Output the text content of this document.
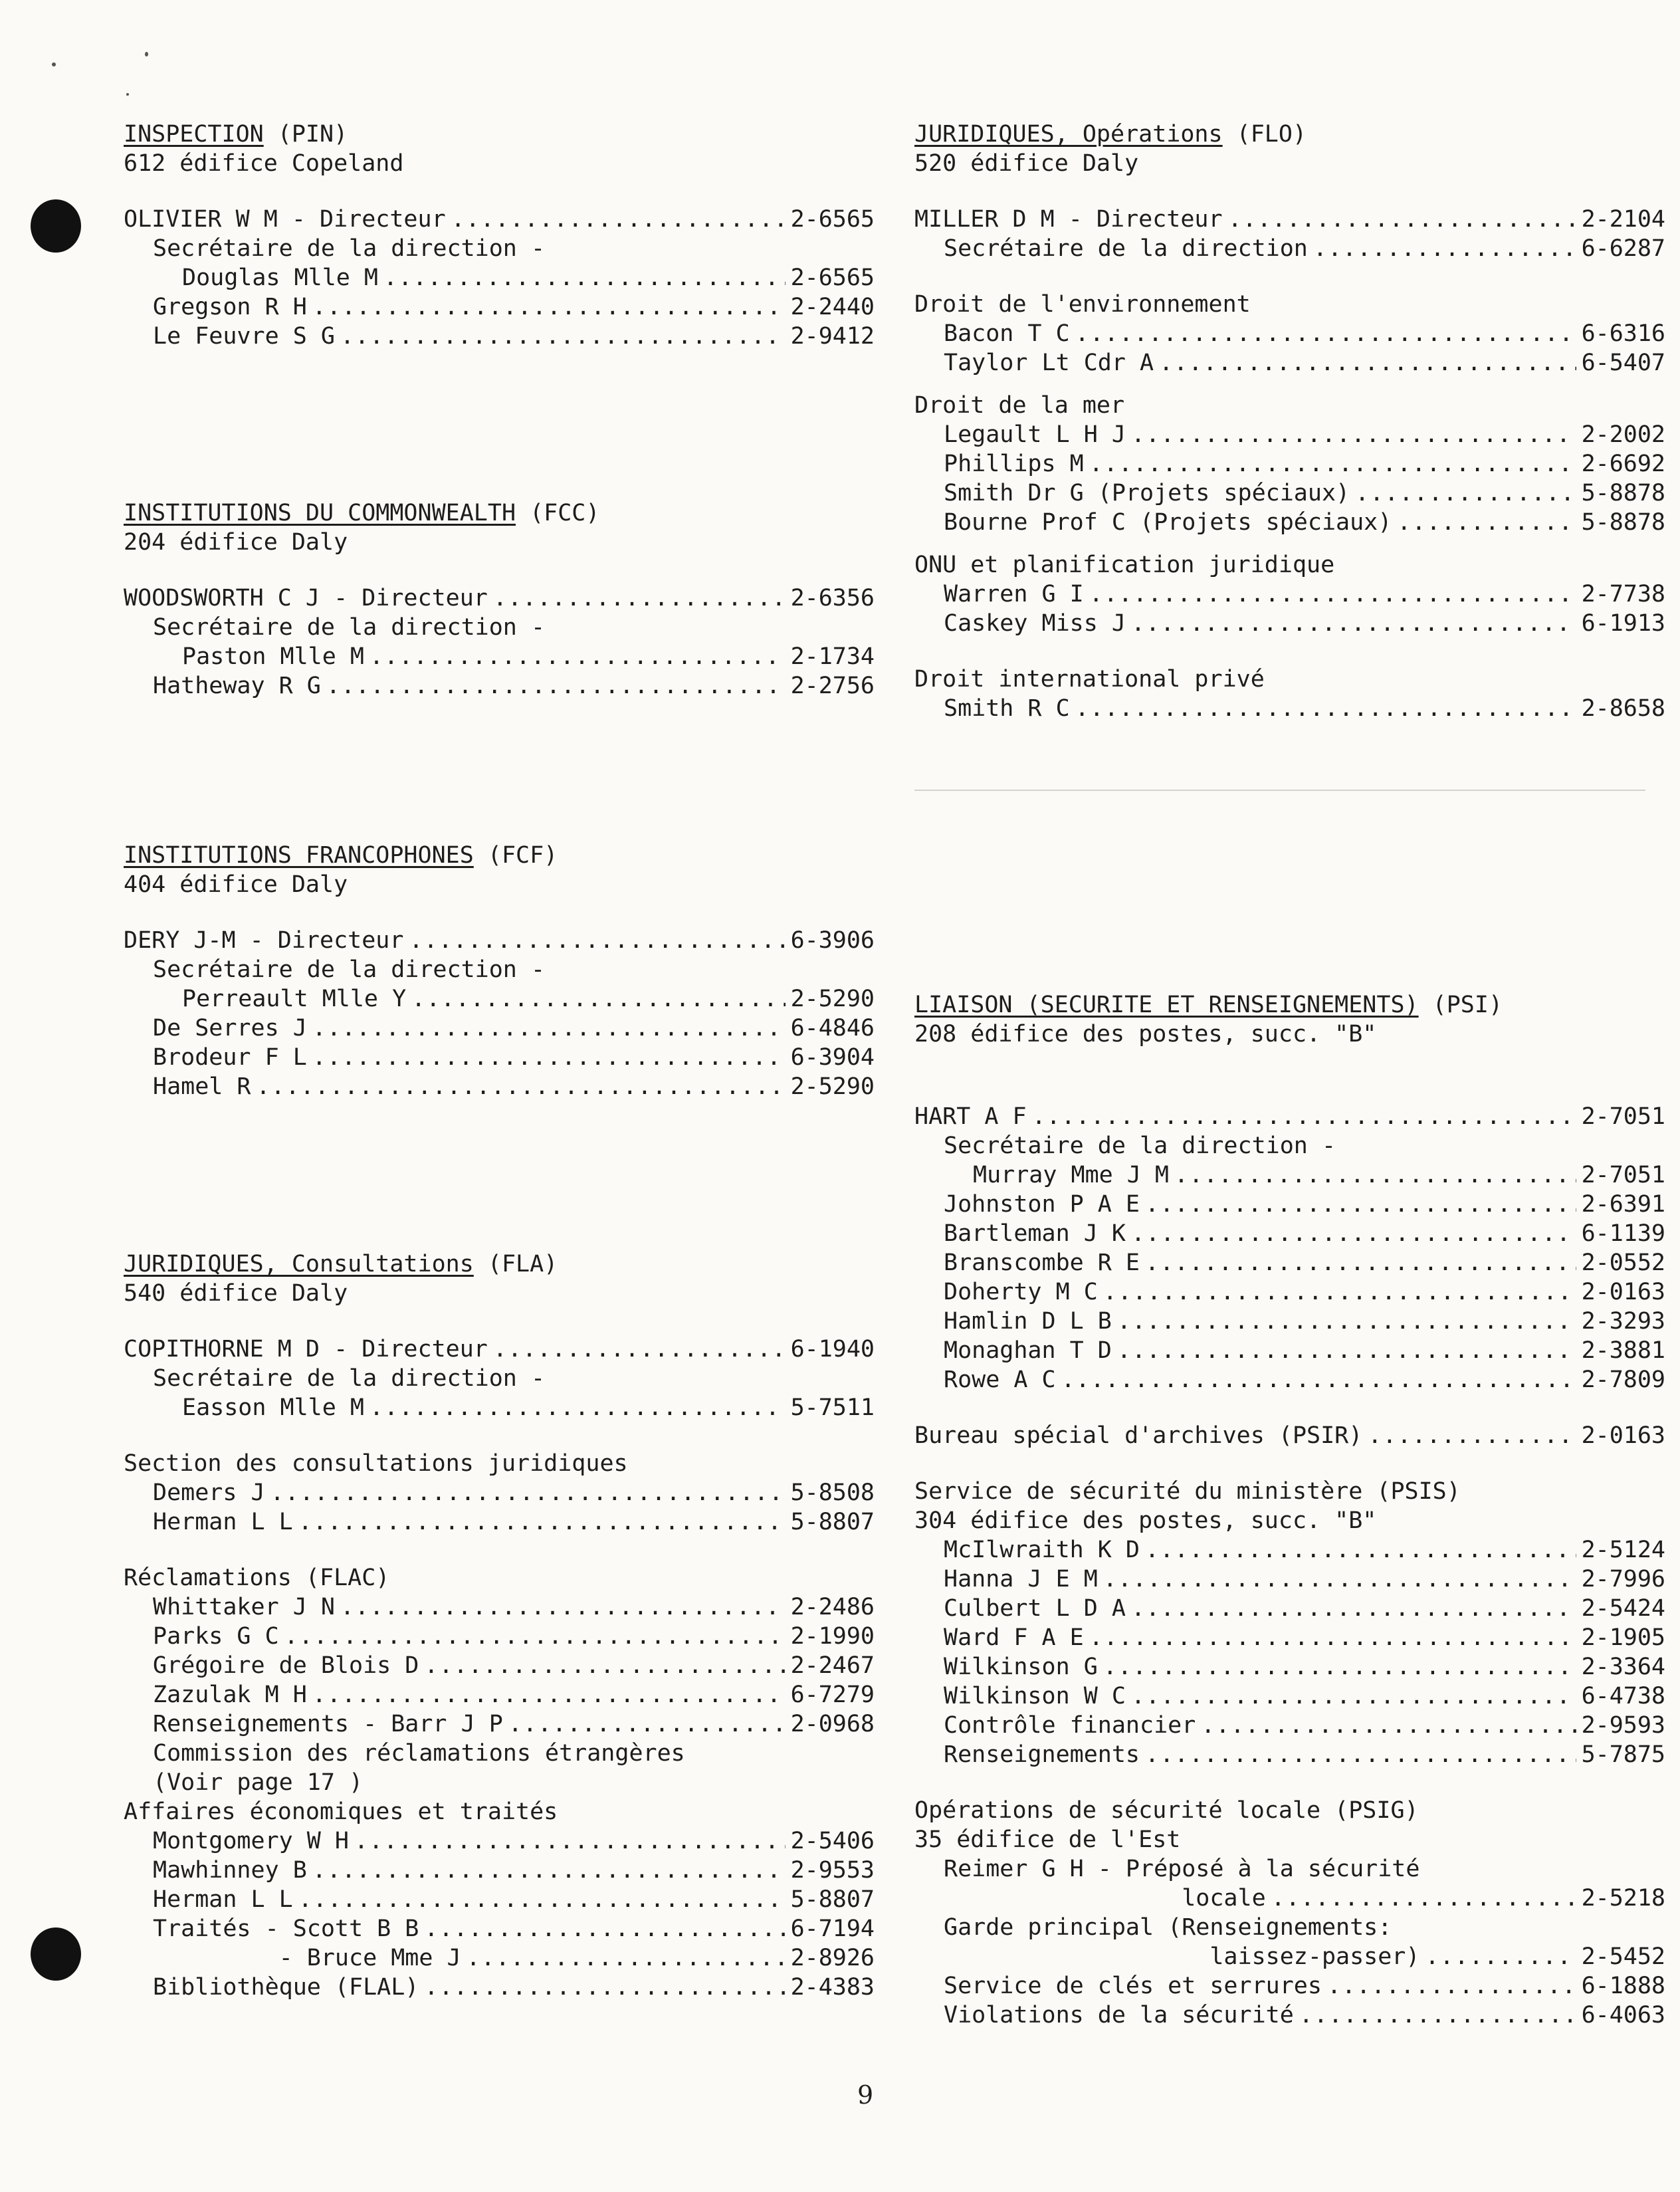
INSPECTION (PIN)
612 édifice Copeland
OLIVIER W M - Directeur .....	2-6565
Secrétaire de la direction -
Douglas Mlle M .....	2-6565
Gregson R H .....	2-2440
Le Feuvre S G .....	2-9412
INSTITUTIONS DU COMMONWEALTH (FCC)
204 édifice Daly
WOODSWORTH C J - Directeur .....	2-6356
Secrétaire de la direction -
Paston Mlle M .....	2-1734
Hatheway R G .....	2-2756
INSTITUTIONS FRANCOPHONES (FCF)
404 édifice Daly
DERY J-M - Directeur .....	6-3906
Secrétaire de la direction -
Perreault Mlle Y .....	2-5290
De Serres J .....	6-4846
Brodeur F L .....	6-3904
Hamel R .....	2-5290
JURIDIQUES, Consultations (FLA)
540 édifice Daly
COPITHORNE M D - Directeur .....	6-1940
Secrétaire de la direction -
Easson Mlle M .....	5-7511
Section des consultations juridiques
Demers J .....	5-8508
Herman L L .....	5-8807
Réclamations (FLAC)
Whittaker J N .....	2-2486
Parks G C .....	2-1990
Grégoire de Blois D .....	2-2467
Zazulak M H .....	6-7279
Renseignements - Barr J P .....	2-0968
Commission des réclamations étrangères
(Voir page 17 )
Affaires économiques et traités
Montgomery W H .....	2-5406
Mawhinney B .....	2-9553
Herman L L .....	5-8807
Traités - Scott B B .....	6-7194
- Bruce Mme J .....	2-8926
Bibliothèque (FLAL) .....	2-4383
JURIDIQUES, Opérations (FLO)
520 édifice Daly
MILLER D M - Directeur .....	2-2104
Secrétaire de la direction .....	6-6287
Droit de l'environnement
Bacon T C .....	6-6316
Taylor Lt Cdr A .....	6-5407
Droit de la mer
Legault L H J .....	2-2002
Phillips M .....	2-6692
Smith Dr G (Projets spéciaux) .....	5-8878
Bourne Prof C (Projets spéciaux) .....	5-8878
ONU et planification juridique
Warren G I .....	2-7738
Caskey Miss J .....	6-1913
Droit international privé
Smith R C .....	2-8658
LIAISON (SECURITE ET RENSEIGNEMENTS) (PSI)
208 édifice des postes, succ. "B"
HART A F .....	2-7051
Secrétaire de la direction -
Murray Mme J M .....	2-7051
Johnston P A E .....	2-6391
Bartleman J K .....	6-1139
Branscombe R E .....	2-0552
Doherty M C .....	2-0163
Hamlin D L B .....	2-3293
Monaghan T D .....	2-3881
Rowe A C .....	2-7809
Bureau spécial d'archives (PSIR) .....	2-0163
Service de sécurité du ministère (PSIS)
304 édifice des postes, succ. "B"
McIlwraith K D .....	2-5124
Hanna J E M .....	2-7996
Culbert L D A .....	2-5424
Ward F A E .....	2-1905
Wilkinson G .....	2-3364
Wilkinson W C .....	6-4738
Contrôle financier .....	2-9593
Renseignements .....	5-7875
Opérations de sécurité locale (PSIG)
35 édifice de l'Est
Reimer G H - Préposé à la sécurité
locale .....	2-5218
Garde principal (Renseignements:
laissez-passer) .....	2-5452
Service de clés et serrures .....	6-1888
Violations de la sécurité .....	6-4063
9
